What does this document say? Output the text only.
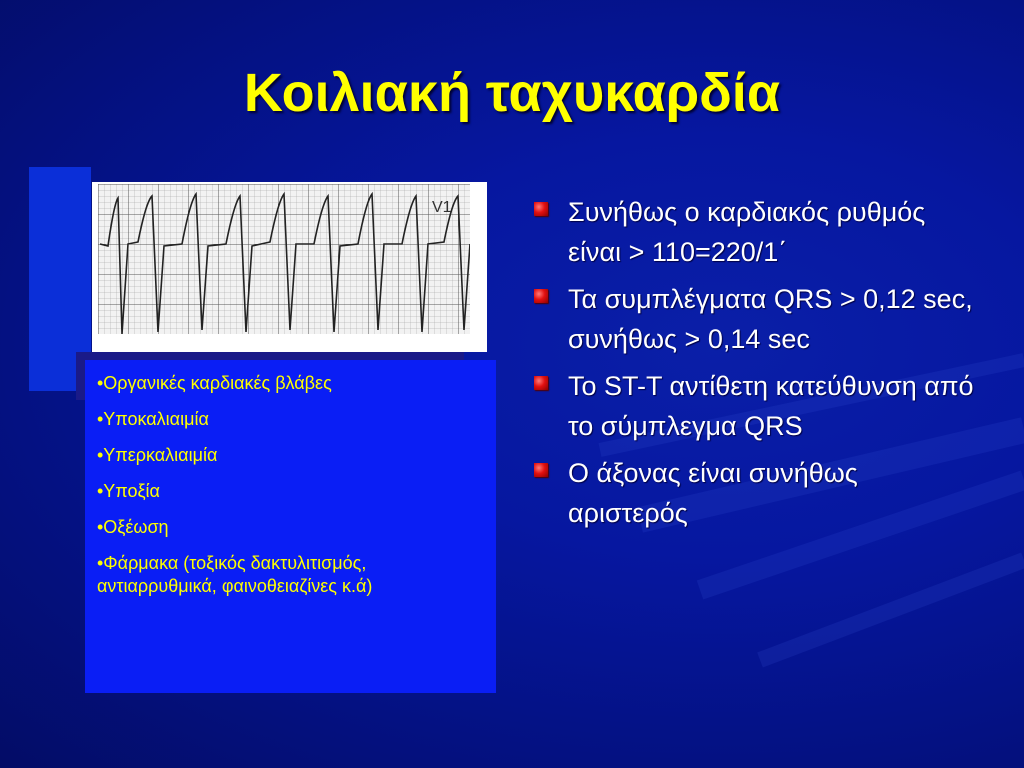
Κοιλιακή ταχυκαρδία
V1

•Οργανικές καρδιακές βλάβες

•Υποκαλιαιμία

•Υπερκαλιαιμία

•Υποξία

•Οξέωση

•Φάρμακα (τοξικός δακτυλιτισμός, αντιαρρυθμικά, φαινοθειαζίνες κ.ά)

Συνήθως ο καρδιακός ρυθμός είναι > 110=220/1΄
Τα συμπλέγματα QRS > 0,12 sec, συνήθως > 0,14 sec
Το ST-T αντίθετη κατεύθυνση από το σύμπλεγμα QRS
Ο άξονας είναι συνήθως αριστερός
